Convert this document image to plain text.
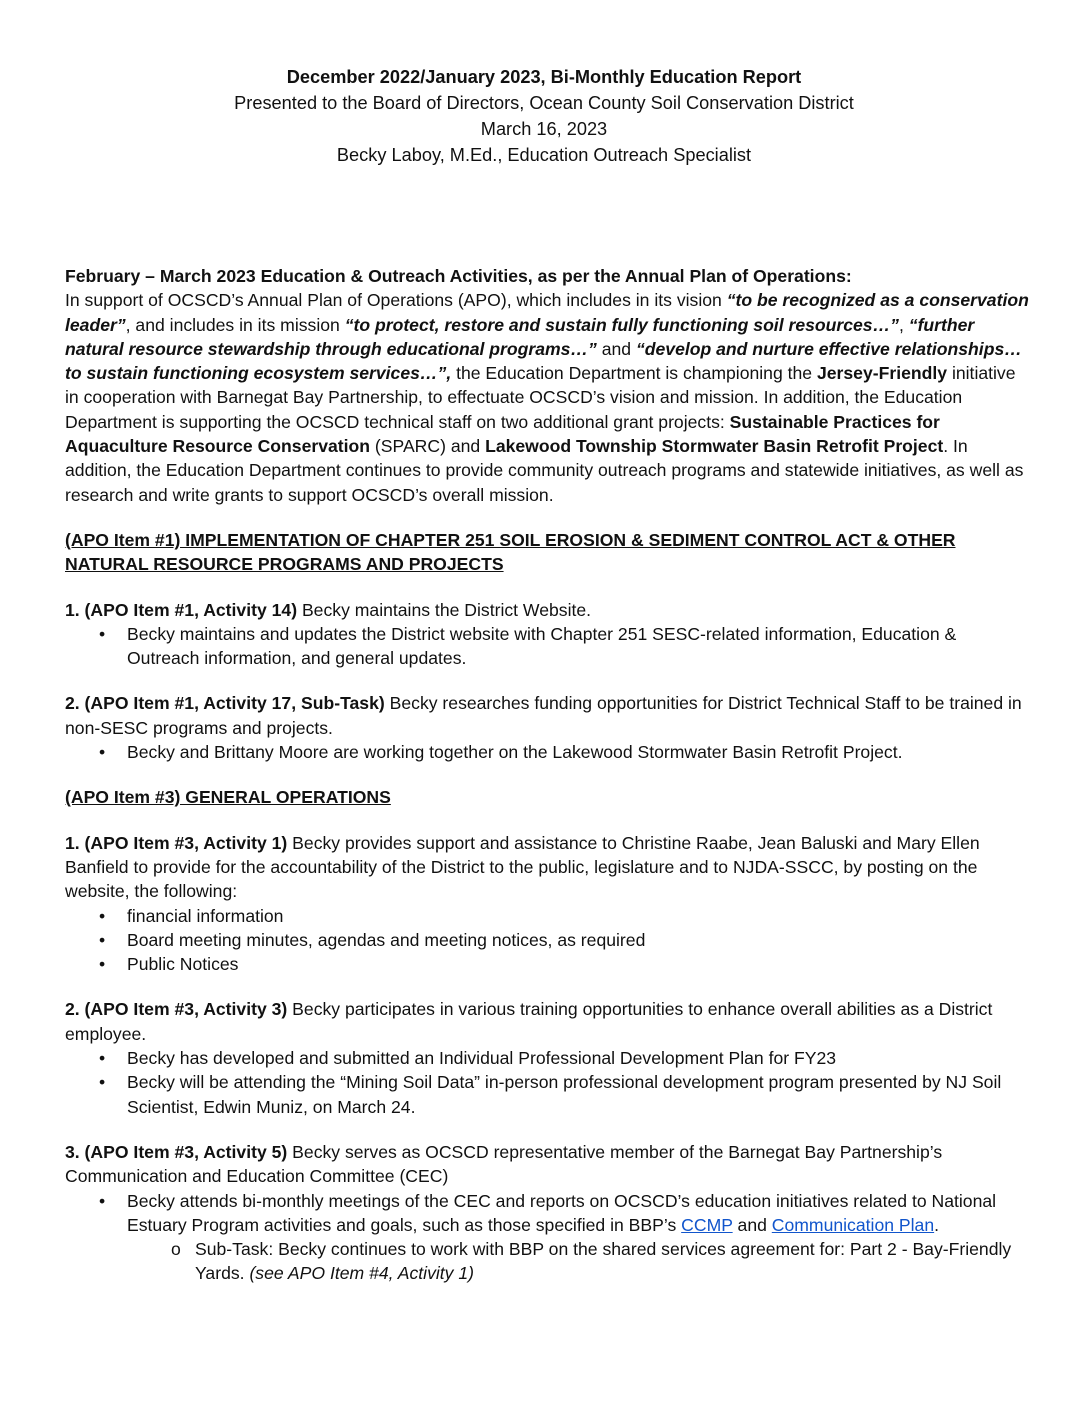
December 2022/January 2023, Bi-Monthly Education Report
Presented to the Board of Directors, Ocean County Soil Conservation District
March 16, 2023
Becky Laboy, M.Ed., Education Outreach Specialist

February – March 2023 Education & Outreach Activities, as per the Annual Plan of Operations:
In support of OCSCD’s Annual Plan of Operations (APO), which includes in its vision “to be recognized as a conservation leader”, and includes in its mission “to protect, restore and sustain fully functioning soil resources…”, “further natural resource stewardship through educational programs…” and “develop and nurture effective relationships… to sustain functioning ecosystem services…”, the Education Department is championing the Jersey-Friendly initiative in cooperation with Barnegat Bay Partnership, to effectuate OCSCD’s vision and mission. In addition, the Education Department is supporting the OCSCD technical staff on two additional grant projects: Sustainable Practices for Aquaculture Resource Conservation (SPARC) and Lakewood Township Stormwater Basin Retrofit Project. In addition, the Education Department continues to provide community outreach programs and statewide initiatives, as well as research and write grants to support OCSCD’s overall mission.

(APO Item #1) IMPLEMENTATION OF CHAPTER 251 SOIL EROSION & SEDIMENT CONTROL ACT & OTHER NATURAL RESOURCE PROGRAMS AND PROJECTS

1. (APO Item #1, Activity 14) Becky maintains the District Website.

• Becky maintains and updates the District website with Chapter 251 SESC-related information, Education & Outreach information, and general updates.

2. (APO Item #1, Activity 17, Sub-Task) Becky researches funding opportunities for District Technical Staff to be trained in non-SESC programs and projects.

• Becky and Brittany Moore are working together on the Lakewood Stormwater Basin Retrofit Project.

(APO Item #3) GENERAL OPERATIONS

1. (APO Item #3, Activity 1) Becky provides support and assistance to Christine Raabe, Jean Baluski and Mary Ellen Banfield to provide for the accountability of the District to the public, legislature and to NJDA-SSCC, by posting on the website, the following:

• financial information
• Board meeting minutes, agendas and meeting notices, as required
• Public Notices

2. (APO Item #3, Activity 3) Becky participates in various training opportunities to enhance overall abilities as a District employee.

• Becky has developed and submitted an Individual Professional Development Plan for FY23
• Becky will be attending the “Mining Soil Data” in-person professional development program presented by NJ Soil Scientist, Edwin Muniz, on March 24.

3. (APO Item #3, Activity 5) Becky serves as OCSCD representative member of the Barnegat Bay Partnership’s Communication and Education Committee (CEC)

• Becky attends bi-monthly meetings of the CEC and reports on OCSCD’s education initiatives related to National Estuary Program activities and goals, such as those specified in BBP’s CCMP and Communication Plan.
o Sub-Task: Becky continues to work with BBP on the shared services agreement for: Part 2 - Bay-Friendly Yards. (see APO Item #4, Activity 1)
